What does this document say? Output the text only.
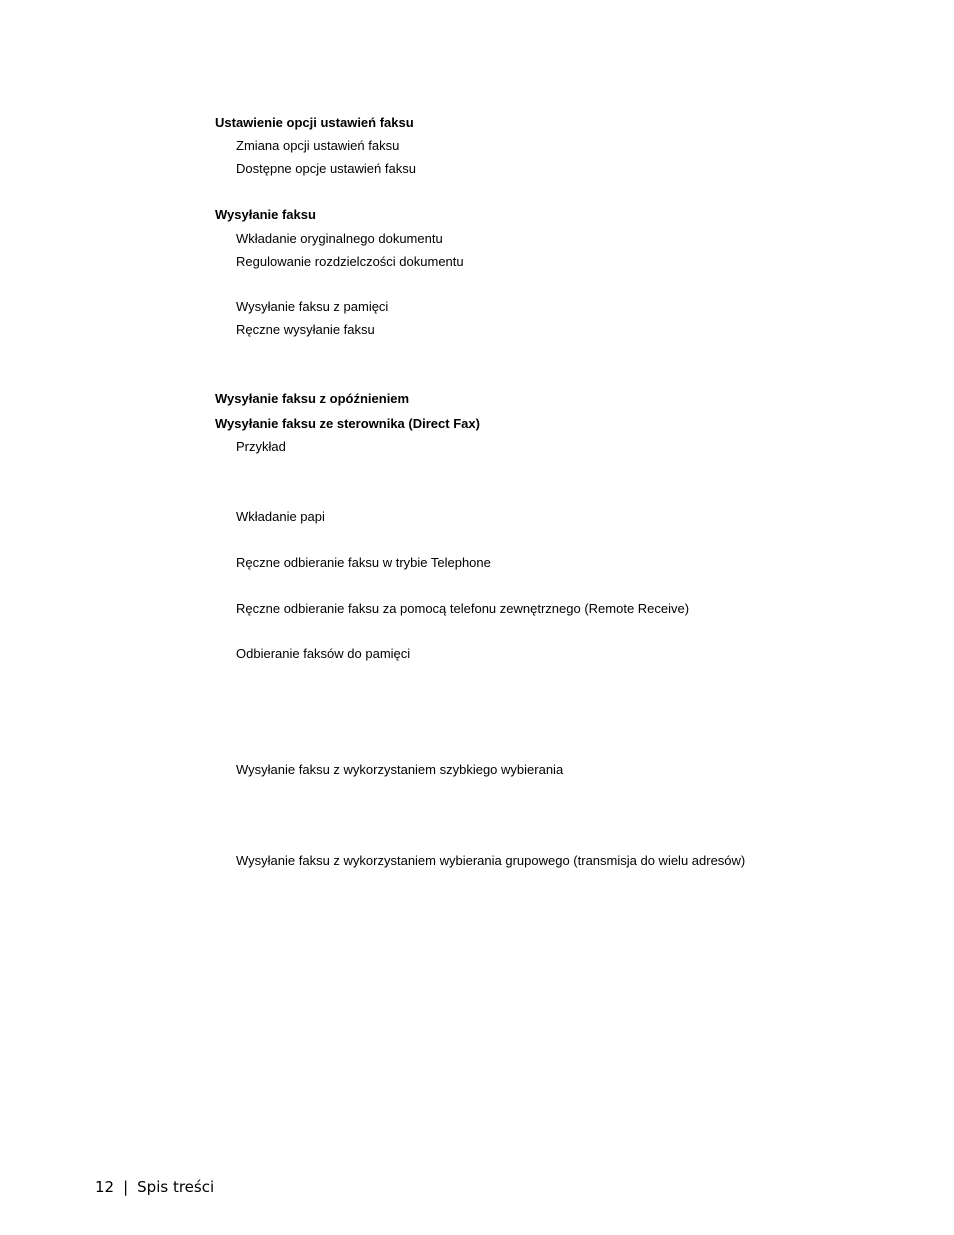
Ustawienie opcji ustawień faksu
Zmiana opcji ustawień faksu
Dostępne opcje ustawień faksu
Wysyłanie faksu
Wkładanie oryginalnego dokumentu
Regulowanie rozdzielczości dokumentu
Wysyłanie faksu z pamięci
Ręczne wysyłanie faksu
Wysyłanie faksu z opóźnieniem
Wysyłanie faksu ze sterownika (Direct Fax)
Przykład
Wkładanie papi
Ręczne odbieranie faksu w trybie Telephone
Ręczne odbieranie faksu za pomocą telefonu zewnętrznego (Remote Receive)
Odbieranie faksów do pamięci
Wysyłanie faksu z wykorzystaniem szybkiego wybierania
Wysyłanie faksu z wykorzystaniem wybierania grupowego (transmisja do wielu adresów)
12 | Spis treści
